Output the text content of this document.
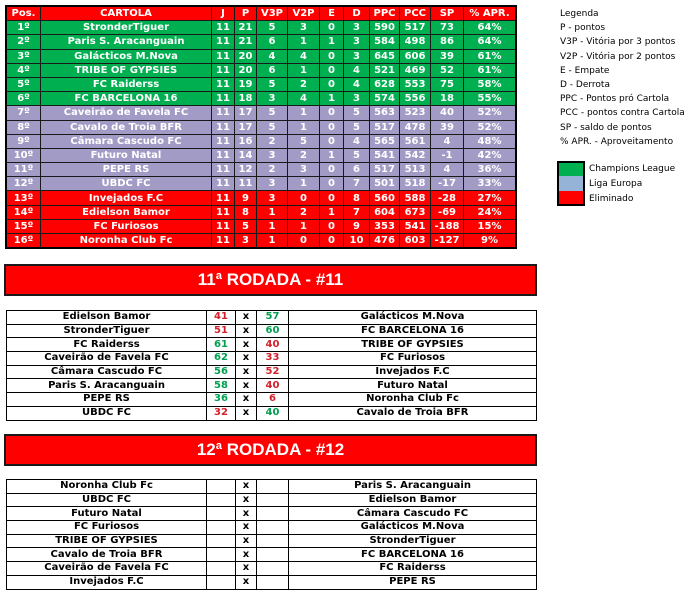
Pos.	CARTOLA	J	P	V3P	V2P	E	D	PPC	PCC	SP	% APR.
1º	StronderTiguer	11	21	5	3	0	3	590	517	73	64%
2º	Paris S. Aracanguain	11	21	6	1	1	3	584	498	86	64%
3º	Galácticos M.Nova	11	20	4	4	0	3	645	606	39	61%
4º	TRIBE OF GYPSIES	11	20	6	1	0	4	521	469	52	61%
5º	FC Raiderss	11	19	5	2	0	4	628	553	75	58%
6º	FC BARCELONA 16	11	18	3	4	1	3	574	556	18	55%
7º	Caveirão de Favela FC	11	17	5	1	0	5	563	523	40	52%
8º	Cavalo de Troia BFR	11	17	5	1	0	5	517	478	39	52%
9º	Câmara Cascudo FC	11	16	2	5	0	4	565	561	4	48%
10º	Futuro Natal	11	14	3	2	1	5	541	542	-1	42%
11º	PEPE RS	11	12	2	3	0	6	517	513	4	36%
12º	UBDC FC	11	11	3	1	0	7	501	518	-17	33%
13º	Invejados F.C	11	9	3	0	0	8	560	588	-28	27%
14º	Edielson Bamor	11	8	1	2	1	7	604	673	-69	24%
15º	FC Furiosos	11	5	1	1	0	9	353	541	-188	15%
16º	Noronha Club Fc	11	3	1	0	0	10	476	603	-127	9%
Legenda
P - pontos
V3P - Vitória por 3 pontos
V2P - Vitória por 2 pontos
E - Empate
D - Derrota
PPC - Pontos pró Cartola
PCC - pontos contra Cartola
SP - saldo de pontos
% APR. - Aproveitamento
Champions League
Liga Europa
Eliminado
11ª RODADA - #11
Edielson Bamor	41	x	57	Galácticos M.Nova
StronderTiguer	51	x	60	FC BARCELONA 16
FC Raiderss	61	x	40	TRIBE OF GYPSIES
Caveirão de Favela FC	62	x	33	FC Furiosos
Câmara Cascudo FC	56	x	52	Invejados F.C
Paris S. Aracanguain	58	x	40	Futuro Natal
PEPE RS	36	x	6	Noronha Club Fc
UBDC FC	32	x	40	Cavalo de Troia BFR
12ª RODADA - #12
Noronha Club Fc		x		Paris S. Aracanguain
UBDC FC		x		Edielson Bamor
Futuro Natal		x		Câmara Cascudo FC
FC Furiosos		x		Galácticos M.Nova
TRIBE OF GYPSIES		x		StronderTiguer
Cavalo de Troia BFR		x		FC BARCELONA 16
Caveirão de Favela FC		x		FC Raiderss
Invejados F.C		x		PEPE RS
